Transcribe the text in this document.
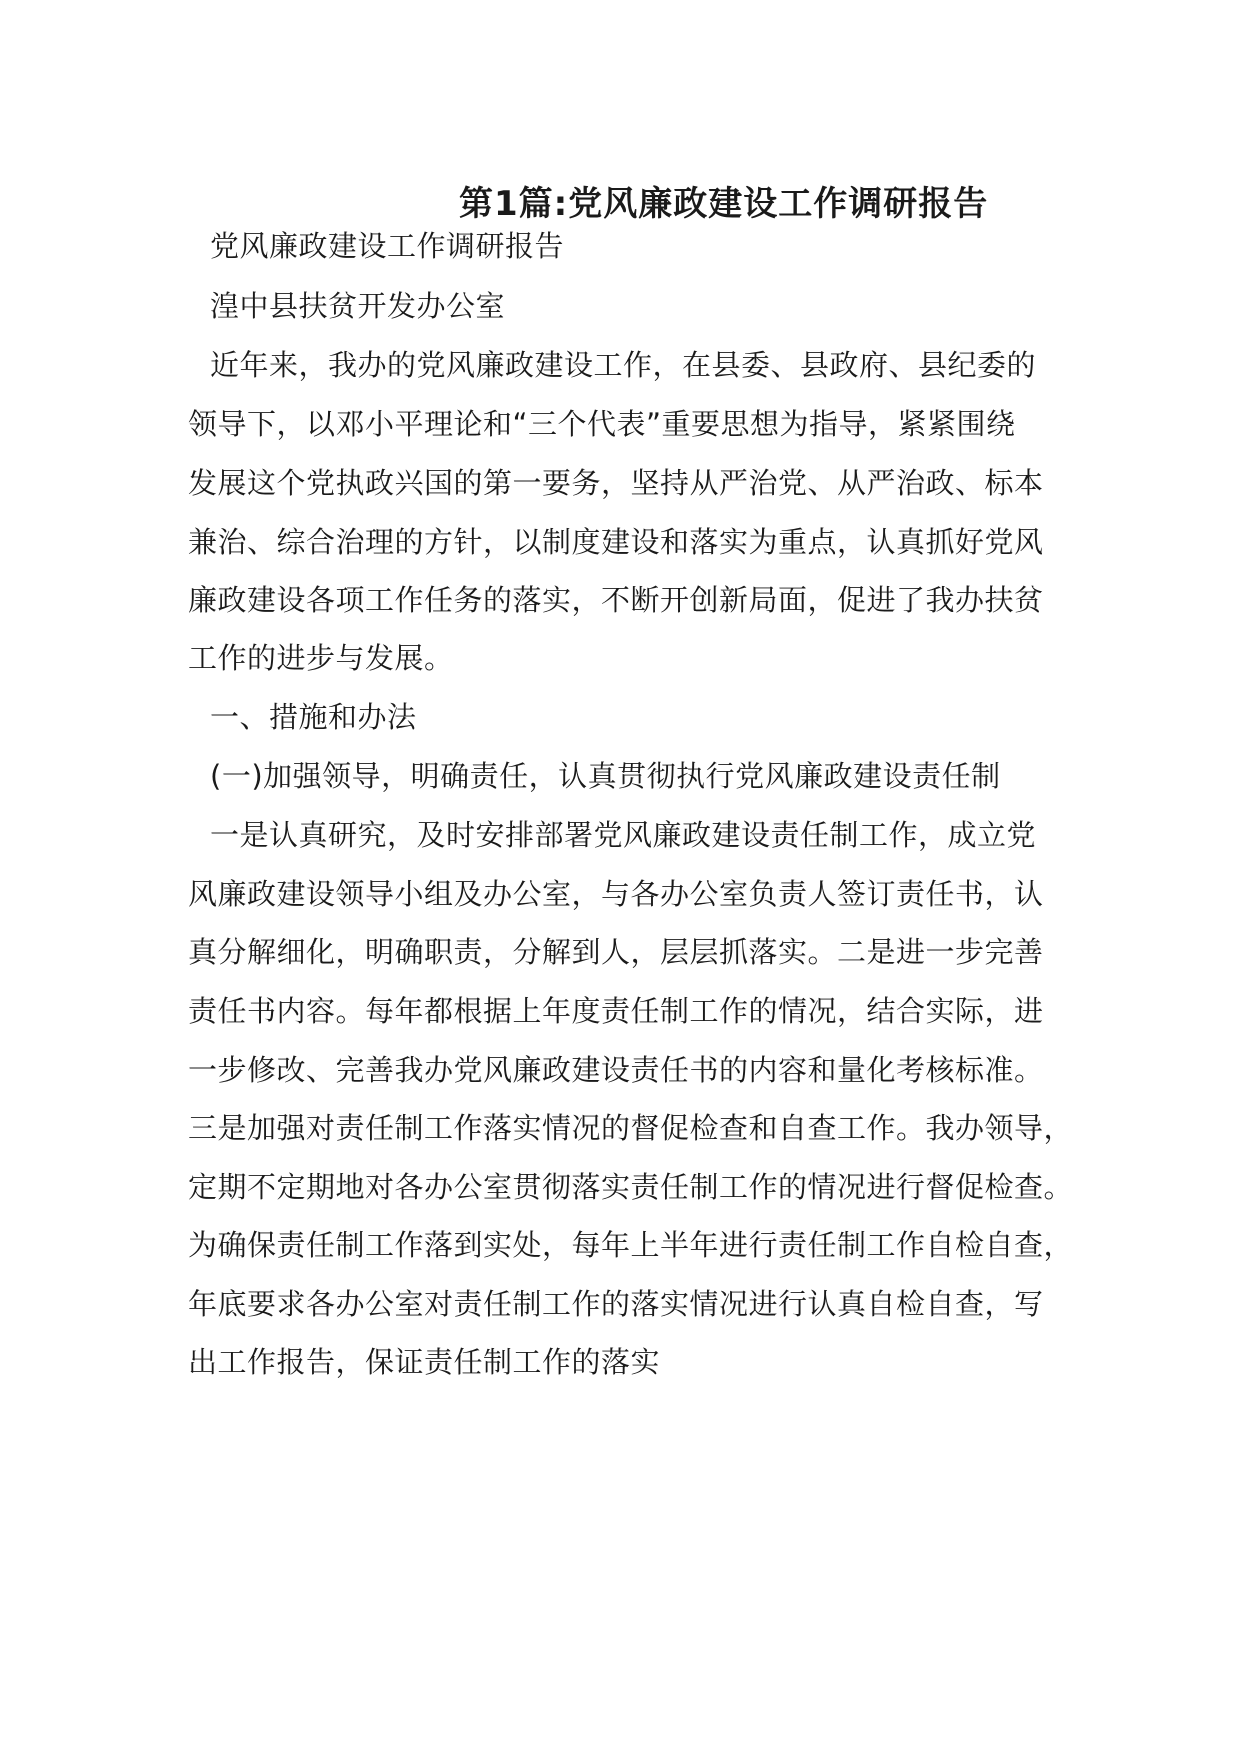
第1篇:党风廉政建设工作调研报告
党风廉政建设工作调研报告
湟中县扶贫开发办公室
近年来，我办的党风廉政建设工作，在县委、县政府、县纪委的
领导下，以邓小平理论和“三个代表”重要思想为指导，紧紧围绕
发展这个党执政兴国的第一要务，坚持从严治党、从严治政、标本
兼治、综合治理的方针，以制度建设和落实为重点，认真抓好党风
廉政建设各项工作任务的落实，不断开创新局面，促进了我办扶贫
工作的进步与发展。
一、措施和办法
(一)加强领导，明确责任，认真贯彻执行党风廉政建设责任制
一是认真研究，及时安排部署党风廉政建设责任制工作，成立党
风廉政建设领导小组及办公室，与各办公室负责人签订责任书，认
真分解细化，明确职责，分解到人，层层抓落实。二是进一步完善
责任书内容。每年都根据上年度责任制工作的情况，结合实际，进
一步修改、完善我办党风廉政建设责任书的内容和量化考核标准。
三是加强对责任制工作落实情况的督促检查和自查工作。我办领导，
定期不定期地对各办公室贯彻落实责任制工作的情况进行督促检查。
为确保责任制工作落到实处，每年上半年进行责任制工作自检自查，
年底要求各办公室对责任制工作的落实情况进行认真自检自查，写
出工作报告，保证责任制工作的落实
